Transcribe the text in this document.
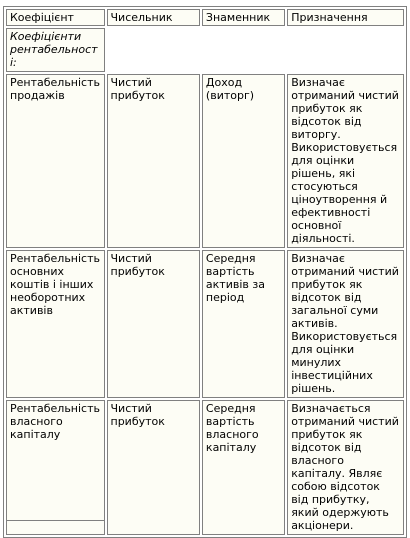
Коефіцієнт	Чисельник	Знаменник	Призначення
Коефіцієнти рентабельності:			
Рентабельність продажів	Чистий прибуток	Доход (виторг)	Визначає отриманий чистий прибуток як відсоток від виторгу. Використовується для оцінки рішень, які стосуються ціноутворення й ефективності основної діяльності.
Рентабельність основних коштів і інших необоротних активів	Чистий прибуток	Середня вартість активів за період	Визначає отриманий чистий прибуток як відсоток від загальної суми активів. Використовується для оцінки минулих інвестиційних рішень.
Рентабельність власного капіталу	Чистий прибуток	Середня вартість власного капіталу	Визначається отриманий чистий прибуток як відсоток від власного капіталу. Являє собою відсоток від прибутку, який одержують акціонери.
